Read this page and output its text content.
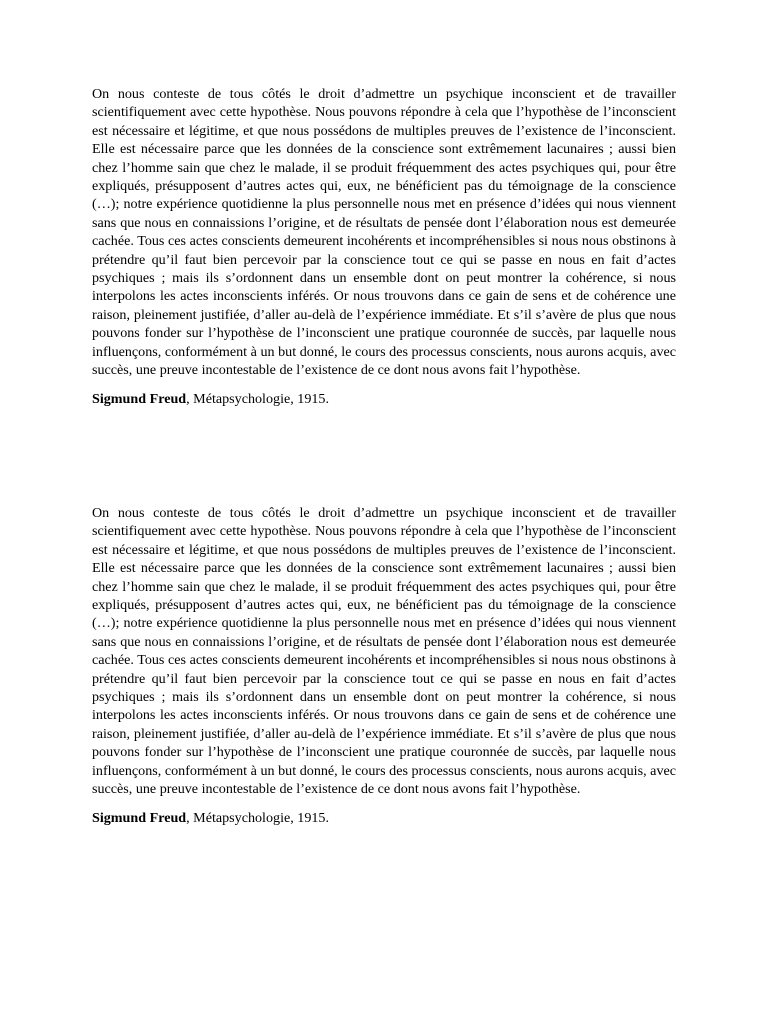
On nous conteste de tous côtés le droit d’admettre un psychique inconscient et de travailler scientifiquement avec cette hypothèse. Nous pouvons répondre à cela que l’hypothèse de l’inconscient est nécessaire et légitime, et que nous possédons de multiples preuves de l’existence de l’inconscient. Elle est nécessaire parce que les données de la conscience sont extrêmement lacunaires ; aussi bien chez l’homme sain que chez le malade, il se produit fréquemment des actes psychiques qui, pour être expliqués, présupposent d’autres actes qui, eux, ne bénéficient pas du témoignage de la conscience (…); notre expérience quotidienne la plus personnelle nous met en présence d’idées qui nous viennent sans que nous en connaissions l’origine, et de résultats de pensée dont l’élaboration nous est demeurée cachée. Tous ces actes conscients demeurent incohérents et incompréhensibles si nous nous obstinons à prétendre qu’il faut bien percevoir par la conscience tout ce qui se passe en nous en fait d’actes psychiques ; mais ils s’ordonnent dans un ensemble dont on peut montrer la cohérence, si nous interpolons les actes inconscients inférés. Or nous trouvons dans ce gain de sens et de cohérence une raison, pleinement justifiée, d’aller au-delà de l’expérience immédiate. Et s’il s’avère de plus que nous pouvons fonder sur l’hypothèse de l’inconscient une pratique couronnée de succès, par laquelle nous influençons, conformément à un but donné, le cours des processus conscients, nous aurons acquis, avec succès, une preuve incontestable de l’existence de ce dont nous avons fait l’hypothèse.

Sigmund Freud, Métapsychologie, 1915.

On nous conteste de tous côtés le droit d’admettre un psychique inconscient et de travailler scientifiquement avec cette hypothèse. Nous pouvons répondre à cela que l’hypothèse de l’inconscient est nécessaire et légitime, et que nous possédons de multiples preuves de l’existence de l’inconscient. Elle est nécessaire parce que les données de la conscience sont extrêmement lacunaires ; aussi bien chez l’homme sain que chez le malade, il se produit fréquemment des actes psychiques qui, pour être expliqués, présupposent d’autres actes qui, eux, ne bénéficient pas du témoignage de la conscience (…); notre expérience quotidienne la plus personnelle nous met en présence d’idées qui nous viennent sans que nous en connaissions l’origine, et de résultats de pensée dont l’élaboration nous est demeurée cachée. Tous ces actes conscients demeurent incohérents et incompréhensibles si nous nous obstinons à prétendre qu’il faut bien percevoir par la conscience tout ce qui se passe en nous en fait d’actes psychiques ; mais ils s’ordonnent dans un ensemble dont on peut montrer la cohérence, si nous interpolons les actes inconscients inférés. Or nous trouvons dans ce gain de sens et de cohérence une raison, pleinement justifiée, d’aller au-delà de l’expérience immédiate. Et s’il s’avère de plus que nous pouvons fonder sur l’hypothèse de l’inconscient une pratique couronnée de succès, par laquelle nous influençons, conformément à un but donné, le cours des processus conscients, nous aurons acquis, avec succès, une preuve incontestable de l’existence de ce dont nous avons fait l’hypothèse.

Sigmund Freud, Métapsychologie, 1915.
